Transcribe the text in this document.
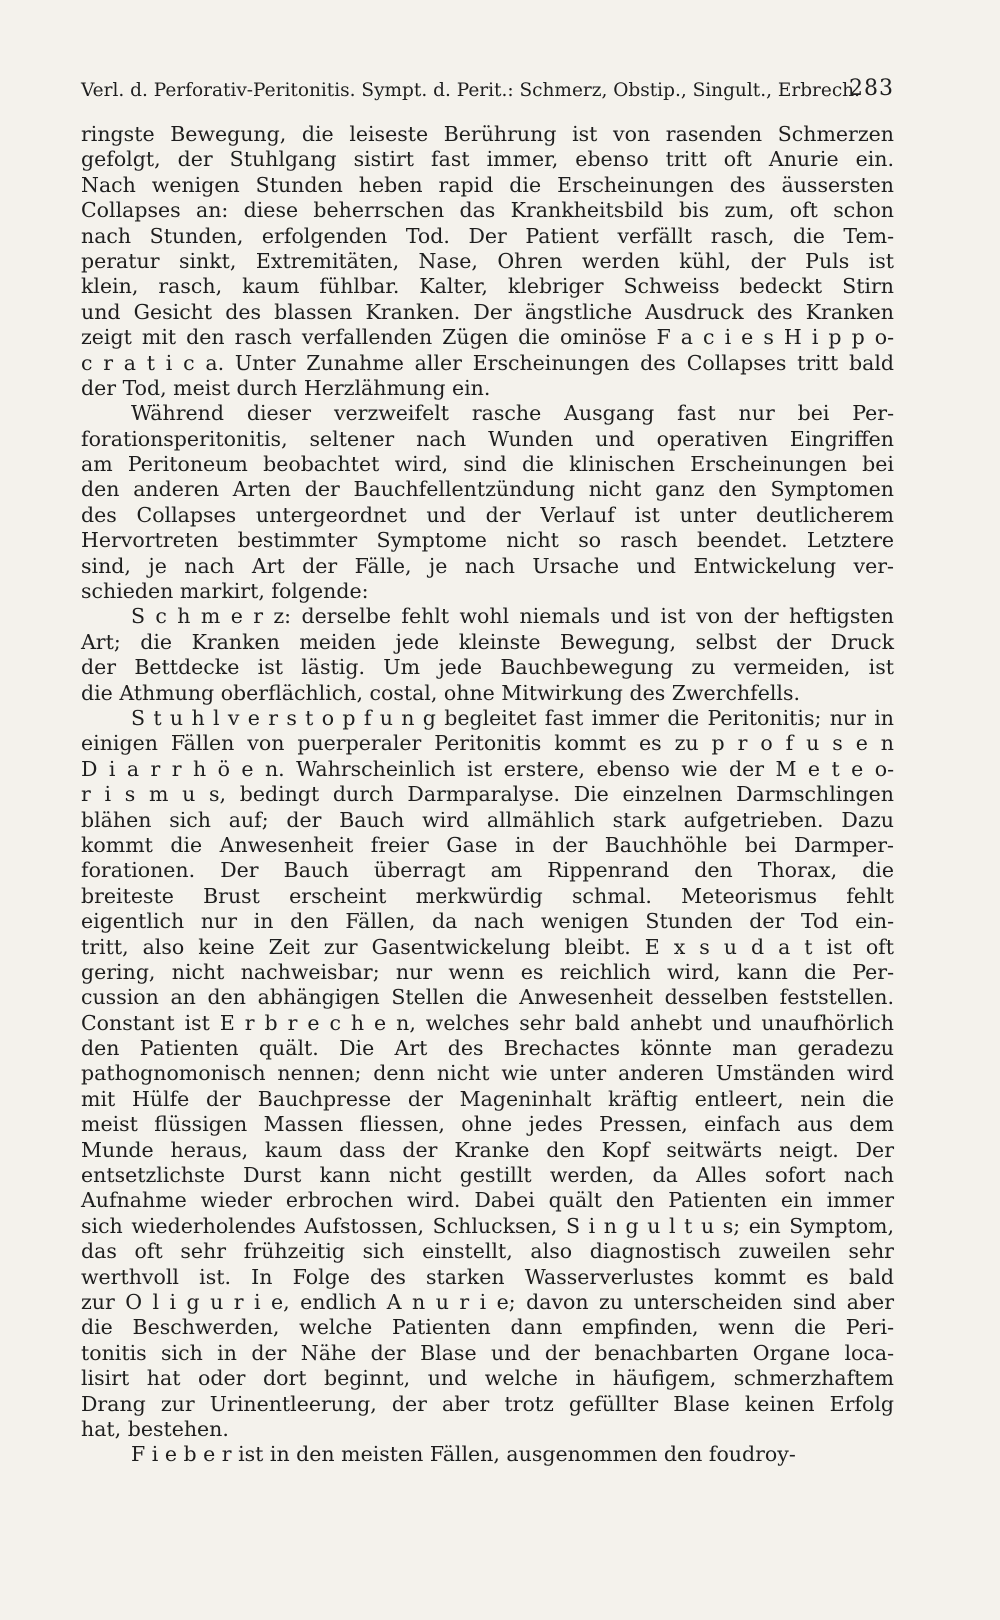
Verl. d. Perforativ-Peritonitis. Sympt. d. Perit.: Schmerz, Obstip., Singult., Erbrech.
283
ringste Bewegung, die leiseste Berührung ist von rasenden Schmerzen
gefolgt, der Stuhlgang sistirt fast immer, ebenso tritt oft Anurie ein.
Nach wenigen Stunden heben rapid die Erscheinungen des äussersten
Collapses an: diese beherrschen das Krankheitsbild bis zum, oft schon
nach Stunden, erfolgenden Tod. Der Patient verfällt rasch, die Tem-
peratur sinkt, Extremitäten, Nase, Ohren werden kühl, der Puls ist
klein, rasch, kaum fühlbar. Kalter, klebriger Schweiss bedeckt Stirn
und Gesicht des blassen Kranken. Der ängstliche Ausdruck des Kranken
zeigt mit den rasch verfallenden Zügen die ominöse F a c i e s H i p p o-
c r a t i c a. Unter Zunahme aller Erscheinungen des Collapses tritt bald
der Tod, meist durch Herzlähmung ein.
Während dieser verzweifelt rasche Ausgang fast nur bei Per-
forationsperitonitis, seltener nach Wunden und operativen Eingriffen
am Peritoneum beobachtet wird, sind die klinischen Erscheinungen bei
den anderen Arten der Bauchfellentzündung nicht ganz den Symptomen
des Collapses untergeordnet und der Verlauf ist unter deutlicherem
Hervortreten bestimmter Symptome nicht so rasch beendet. Letztere
sind, je nach Art der Fälle, je nach Ursache und Entwickelung ver-
schieden markirt, folgende:
S c h m e r z: derselbe fehlt wohl niemals und ist von der heftigsten
Art; die Kranken meiden jede kleinste Bewegung, selbst der Druck
der Bettdecke ist lästig. Um jede Bauchbewegung zu vermeiden, ist
die Athmung oberflächlich, costal, ohne Mitwirkung des Zwerchfells.
S t u h l v e r s t o p f u n g begleitet fast immer die Peritonitis; nur in
einigen Fällen von puerperaler Peritonitis kommt es zu p r o f u s e n
D i a r r h ö e n. Wahrscheinlich ist erstere, ebenso wie der M e t e o-
r i s m u s, bedingt durch Darmparalyse. Die einzelnen Darmschlingen
blähen sich auf; der Bauch wird allmählich stark aufgetrieben. Dazu
kommt die Anwesenheit freier Gase in der Bauchhöhle bei Darmper-
forationen. Der Bauch überragt am Rippenrand den Thorax, die
breiteste Brust erscheint merkwürdig schmal. Meteorismus fehlt
eigentlich nur in den Fällen, da nach wenigen Stunden der Tod ein-
tritt, also keine Zeit zur Gasentwickelung bleibt. E x s u d a t ist oft
gering, nicht nachweisbar; nur wenn es reichlich wird, kann die Per-
cussion an den abhängigen Stellen die Anwesenheit desselben feststellen.
Constant ist E r b r e c h e n, welches sehr bald anhebt und unaufhörlich
den Patienten quält. Die Art des Brechactes könnte man geradezu
pathognomonisch nennen; denn nicht wie unter anderen Umständen wird
mit Hülfe der Bauchpresse der Mageninhalt kräftig entleert, nein die
meist flüssigen Massen fliessen, ohne jedes Pressen, einfach aus dem
Munde heraus, kaum dass der Kranke den Kopf seitwärts neigt. Der
entsetzlichste Durst kann nicht gestillt werden, da Alles sofort nach
Aufnahme wieder erbrochen wird. Dabei quält den Patienten ein immer
sich wiederholendes Aufstossen, Schlucksen, S i n g u l t u s; ein Symptom,
das oft sehr frühzeitig sich einstellt, also diagnostisch zuweilen sehr
werthvoll ist. In Folge des starken Wasserverlustes kommt es bald
zur O l i g u r i e, endlich A n u r i e; davon zu unterscheiden sind aber
die Beschwerden, welche Patienten dann empfinden, wenn die Peri-
tonitis sich in der Nähe der Blase und der benachbarten Organe loca-
lisirt hat oder dort beginnt, und welche in häufigem, schmerzhaftem
Drang zur Urinentleerung, der aber trotz gefüllter Blase keinen Erfolg
hat, bestehen.
F i e b e r ist in den meisten Fällen, ausgenommen den foudroy-
